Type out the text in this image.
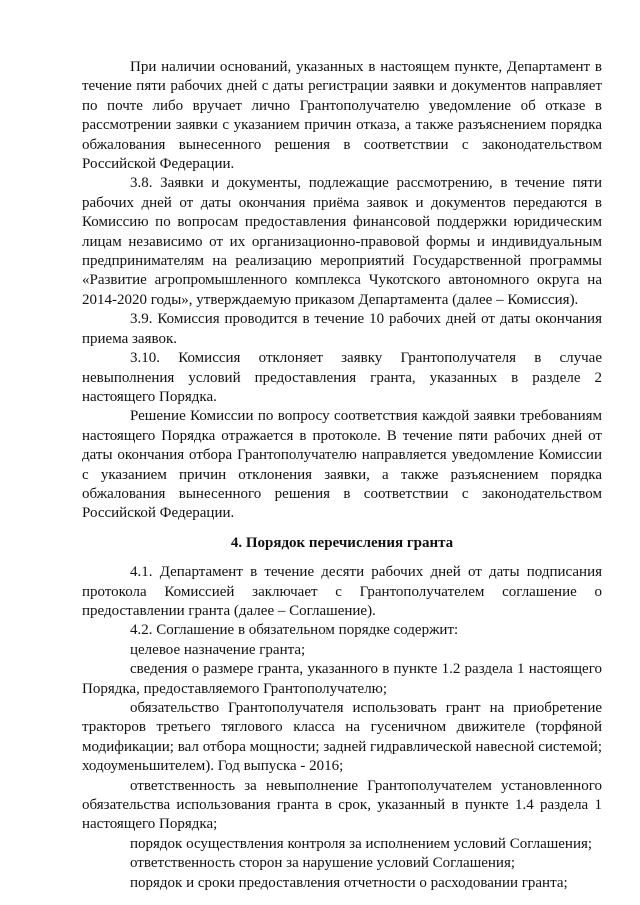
При наличии оснований, указанных в настоящем пункте, Департамент в течение пяти рабочих дней с даты регистрации заявки и документов направляет по почте либо вручает лично Грантополучателю уведомление об отказе в рассмотрении заявки с указанием причин отказа, а также разъяснением порядка обжалования вынесенного решения в соответствии с законодательством Российской Федерации.

3.8. Заявки и документы, подлежащие рассмотрению, в течение пяти рабочих дней от даты окончания приёма заявок и документов передаются в Комиссию по вопросам предоставления финансовой поддержки юридическим лицам независимо от их организационно-правовой формы и индивидуальным предпринимателям на реализацию мероприятий Государственной программы «Развитие агропромышленного комплекса Чукотского автономного округа на 2014-2020 годы», утверждаемую приказом Департамента (далее – Комиссия).

3.9. Комиссия проводится в течение 10 рабочих дней от даты окончания приема заявок.

3.10. Комиссия отклоняет заявку Грантополучателя в случае невыполнения условий предоставления гранта, указанных в разделе 2 настоящего Порядка.

Решение Комиссии по вопросу соответствия каждой заявки требованиям настоящего Порядка отражается в протоколе. В течение пяти рабочих дней от даты окончания отбора Грантополучателю направляется уведомление Комиссии с указанием причин отклонения заявки, а также разъяснением порядка обжалования вынесенного решения в соответствии с законодательством Российской Федерации.

4. Порядок перечисления гранта

4.1. Департамент в течение десяти рабочих дней от даты подписания протокола Комиссией заключает с Грантополучателем соглашение о предоставлении гранта (далее – Соглашение).

4.2. Соглашение в обязательном порядке содержит:

целевое назначение гранта;

сведения о размере гранта, указанного в пункте 1.2 раздела 1 настоящего Порядка, предоставляемого Грантополучателю;

обязательство Грантополучателя использовать грант на приобретение тракторов третьего тяглового класса на гусеничном движителе (торфяной модификации; вал отбора мощности; задней гидравлической навесной системой; ходоуменьшителем). Год выпуска - 2016;

ответственность за невыполнение Грантополучателем установленного обязательства использования гранта в срок, указанный в пункте 1.4 раздела 1 настоящего Порядка;

порядок осуществления контроля за исполнением условий Соглашения;

ответственность сторон за нарушение условий Соглашения;

порядок и сроки предоставления отчетности о расходовании гранта;
